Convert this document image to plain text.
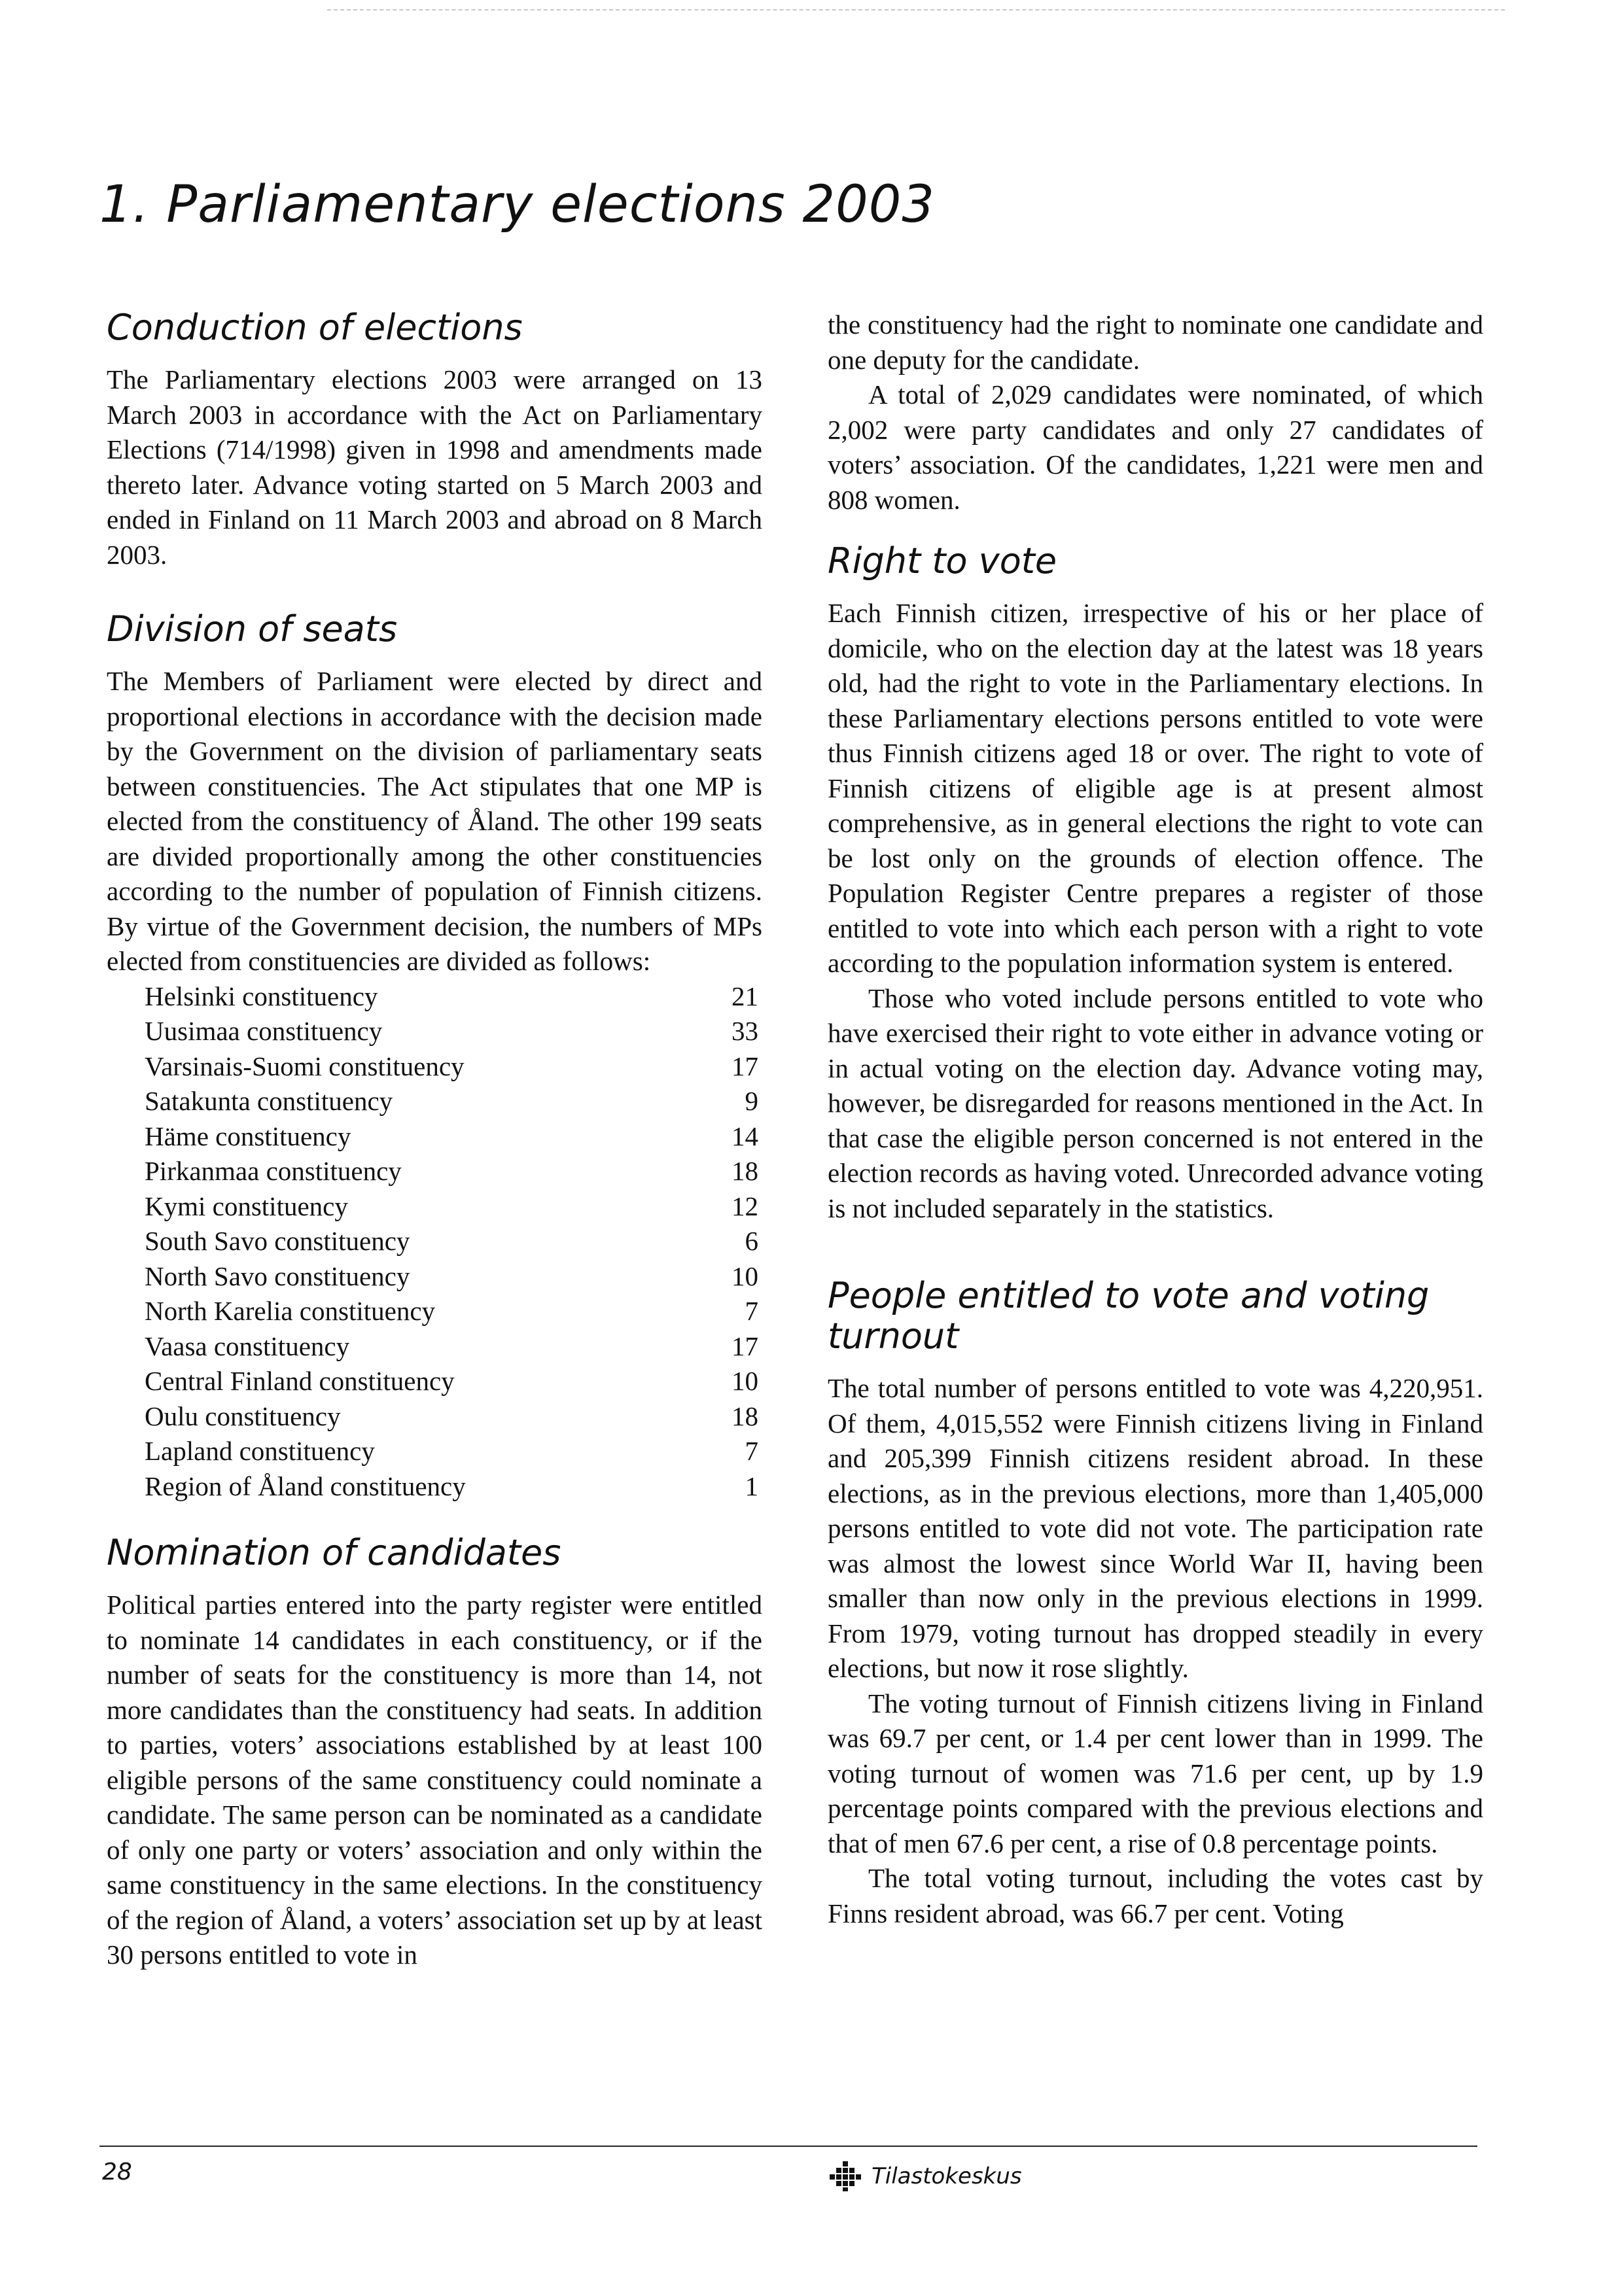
1. Parliamentary elections 2003
Conduction of elections

The Parliamentary elections 2003 were arranged on 13 March 2003 in accordance with the Act on Parliamentary Elections (714/1998) given in 1998 and amendments made thereto later. Advance voting started on 5 March 2003 and ended in Finland on 11 March 2003 and abroad on 8 March 2003.

Division of seats

The Members of Parliament were elected by direct and proportional elections in accordance with the decision made by the Government on the division of parliamentary seats between constituencies. The Act stipulates that one MP is elected from the constituency of Åland. The other 199 seats are divided proportionally among the other constituencies according to the number of population of Finnish citizens. By virtue of the Government decision, the numbers of MPs elected from constituencies are divided as follows:

Helsinki constituency	21
Uusimaa constituency	33
Varsinais-Suomi constituency	17
Satakunta constituency	9
Häme constituency	14
Pirkanmaa constituency	18
Kymi constituency	12
South Savo constituency	6
North Savo constituency	10
North Karelia constituency	7
Vaasa constituency	17
Central Finland constituency	10
Oulu constituency	18
Lapland constituency	7
Region of Åland constituency	1
Nomination of candidates

Political parties entered into the party register were entitled to nominate 14 candidates in each constituency, or if the number of seats for the constituency is more than 14, not more candidates than the constituency had seats. In addition to parties, voters’ associations established by at least 100 eligible persons of the same constituency could nominate a candidate. The same person can be nominated as a candidate of only one party or voters’ association and only within the same constituency in the same elections. In the constituency of the region of Åland, a voters’ association set up by at least 30 persons entitled to vote in

the constituency had the right to nominate one candidate and one deputy for the candidate.

A total of 2,029 candidates were nominated, of which 2,002 were party candidates and only 27 candidates of voters’ association. Of the candidates, 1,221 were men and 808 women.

Right to vote

Each Finnish citizen, irrespective of his or her place of domicile, who on the election day at the latest was 18 years old, had the right to vote in the Parliamentary elections. In these Parliamentary elections persons entitled to vote were thus Finnish citizens aged 18 or over. The right to vote of Finnish citizens of eligible age is at present almost comprehensive, as in general elections the right to vote can be lost only on the grounds of election offence. The Population Register Centre prepares a register of those entitled to vote into which each person with a right to vote according to the population information system is entered.

Those who voted include persons entitled to vote who have exercised their right to vote either in advance voting or in actual voting on the election day. Advance voting may, however, be disregarded for reasons mentioned in the Act. In that case the eligible person concerned is not entered in the election records as having voted. Unrecorded advance voting is not included separately in the statistics.

People entitled to vote and voting turnout

The total number of persons entitled to vote was 4,220,951. Of them, 4,015,552 were Finnish citizens living in Finland and 205,399 Finnish citizens resident abroad. In these elections, as in the previous elections, more than 1,405,000 persons entitled to vote did not vote. The participation rate was almost the lowest since World War II, having been smaller than now only in the previous elections in 1999. From 1979, voting turnout has dropped steadily in every elections, but now it rose slightly.

The voting turnout of Finnish citizens living in Finland was 69.7 per cent, or 1.4 per cent lower than in 1999. The voting turnout of women was 71.6 per cent, up by 1.9 percentage points compared with the previous elections and that of men 67.6 per cent, a rise of 0.8 percentage points.

The total voting turnout, including the votes cast by Finns resident abroad, was 66.7 per cent. Voting

28	Tilastokeskus
